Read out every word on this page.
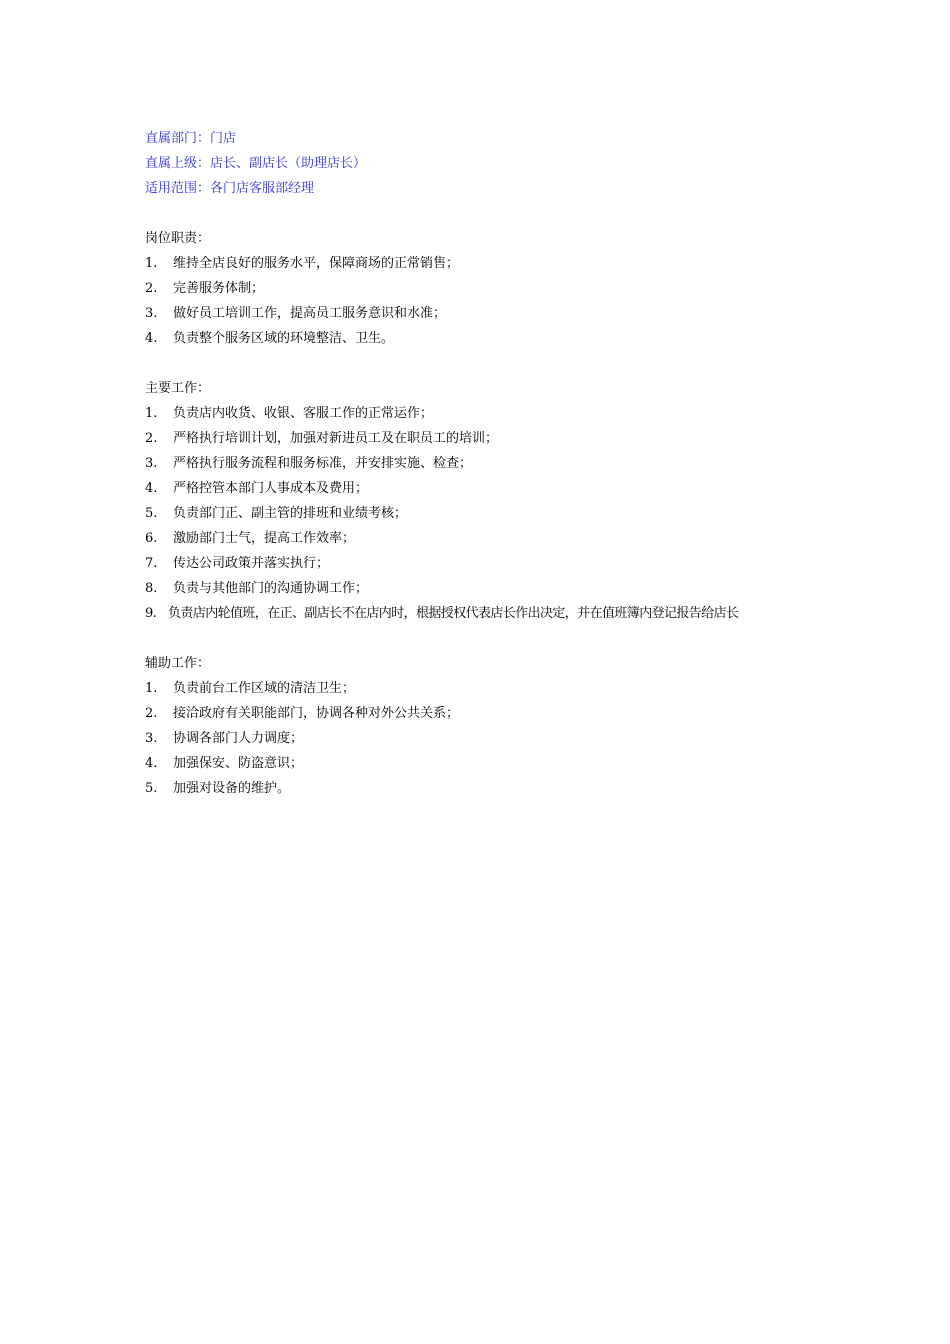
直属部门：门店
直属上级：店长、副店长（助理店长）
适用范围：各门店客服部经理
岗位职责：
1.	维持全店良好的服务水平，保障商场的正常销售；
2.	完善服务体制；
3.	做好员工培训工作，提高员工服务意识和水准；
4.	负责整个服务区域的环境整洁、卫生。
主要工作：
1.	负责店内收货、收银、客服工作的正常运作；
2.	严格执行培训计划，加强对新进员工及在职员工的培训；
3.	严格执行服务流程和服务标准，并安排实施、检查；
4.	严格控管本部门人事成本及费用；
5.	负责部门正、副主管的排班和业绩考核；
6.	激励部门士气，提高工作效率；
7.	传达公司政策并落实执行；
8.	负责与其他部门的沟通协调工作；
9. 负责店内轮值班，在正、副店长不在店内时，根据授权代表店长作出决定，并在值班簿内登记报告给店长
辅助工作：
1.	负责前台工作区域的清洁卫生；
2.	接洽政府有关职能部门，协调各种对外公共关系；
3.	协调各部门人力调度；
4.	加强保安、防盗意识；
5.	加强对设备的维护。
